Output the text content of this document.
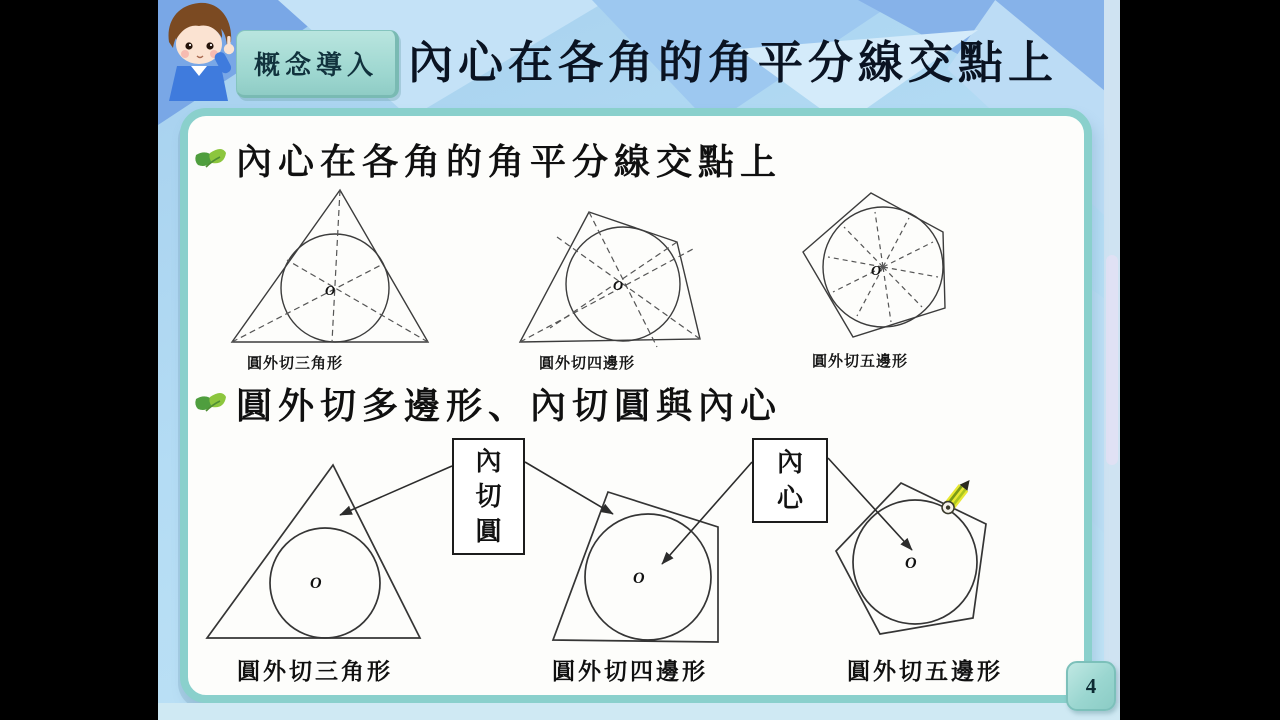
概念導入 內心在各角的角平分線交點上
內心在各角的角平分線交點上
O	O
O
圓外切三角形	圓外切四邊形	圓外切五邊形
圓外切多邊形、內切圓與內心
O	O
O
內切圓
內心
圓外切三角形	圓外切四邊形	圓外切五邊形
4
